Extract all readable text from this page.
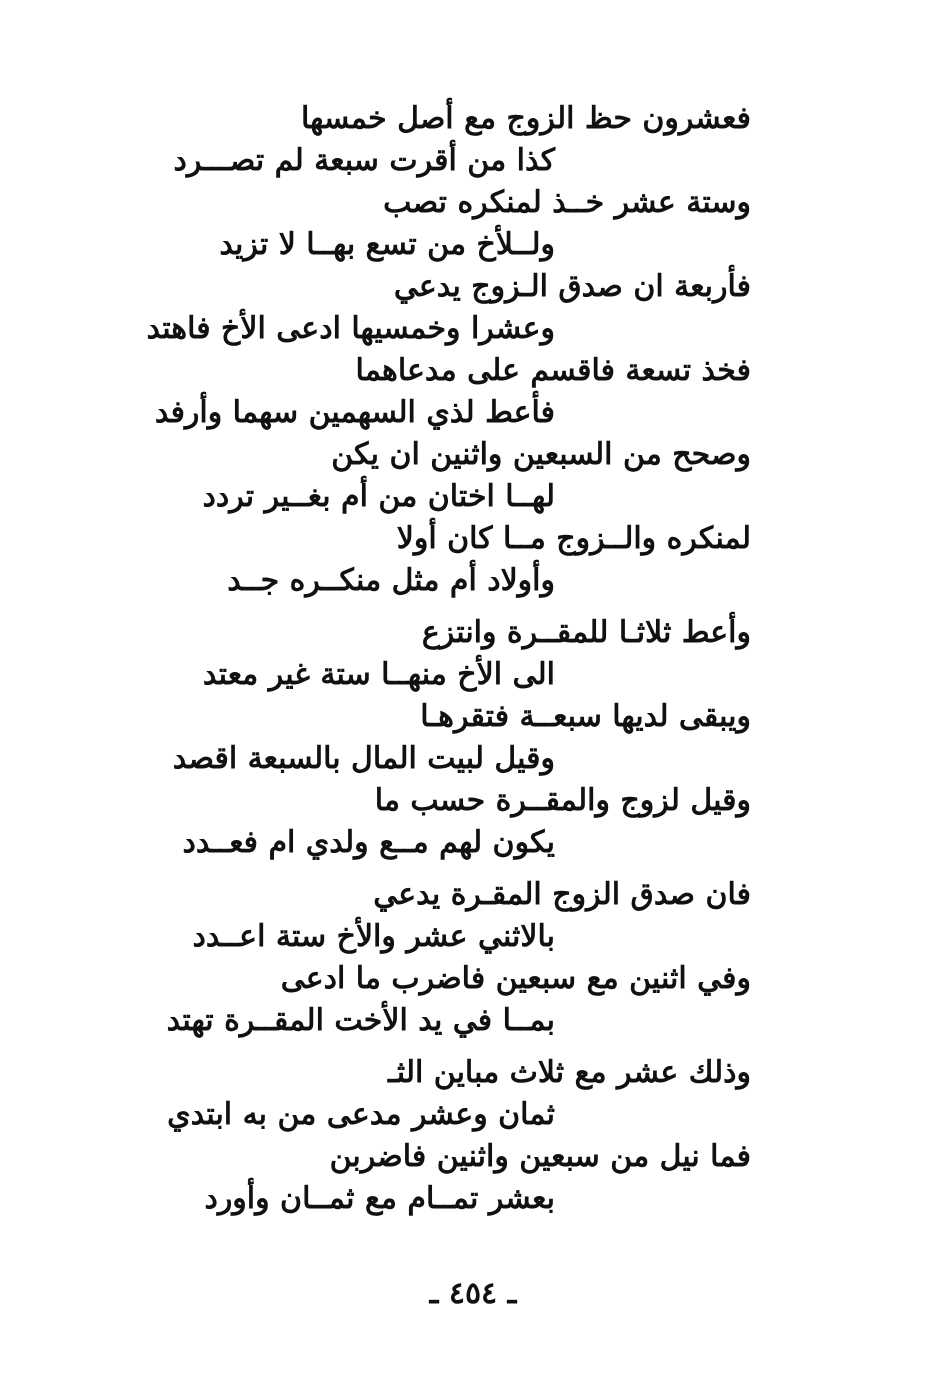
فعشرون حظ الزوج مع أصل خمسها
كذا من أقرت سبعة لم تصـــرد
وستة عشر خــذ لمنكره تصب
ولــلأخ من تسع بهــا لا تزيد
فأربعة ان صدق الـزوج يدعي
وعشرا وخمسيها ادعى الأخ فاهتد
فخذ تسعة فاقسم على مدعاهما
فأعط لذي السهمين سهما وأرفد
وصحح من السبعين واثنين ان يكن
لهــا اختان من أم بغــير تردد
لمنكره والــزوج مــا كان أولا
وأولاد أم مثل منكــره جــد
وأعط ثلاثـا للمقــرة وانتزع
الى الأخ منهــا ستة غير معتد
ويبقى لديها سبعــة فتقرهـا
وقيل لبيت المال بالسبعة اقصد
وقيل لزوج والمقــرة حسب ما
يكون لهم مــع ولدي ام فعــدد
فان صدق الزوج المقـرة يدعي
بالاثني عشر والأخ ستة اعــدد
وفي اثنين مع سبعين فاضرب ما ادعى
بمــا في يد الأخت المقــرة تهتد
وذلك عشر مع ثلاث مباين الثـ
ثمان وعشر مدعى من به ابتدي
فما نيل من سبعين واثنين فاضربن
بعشر تمــام مع ثمــان وأورد
ـ ٤٥٤ ـ
